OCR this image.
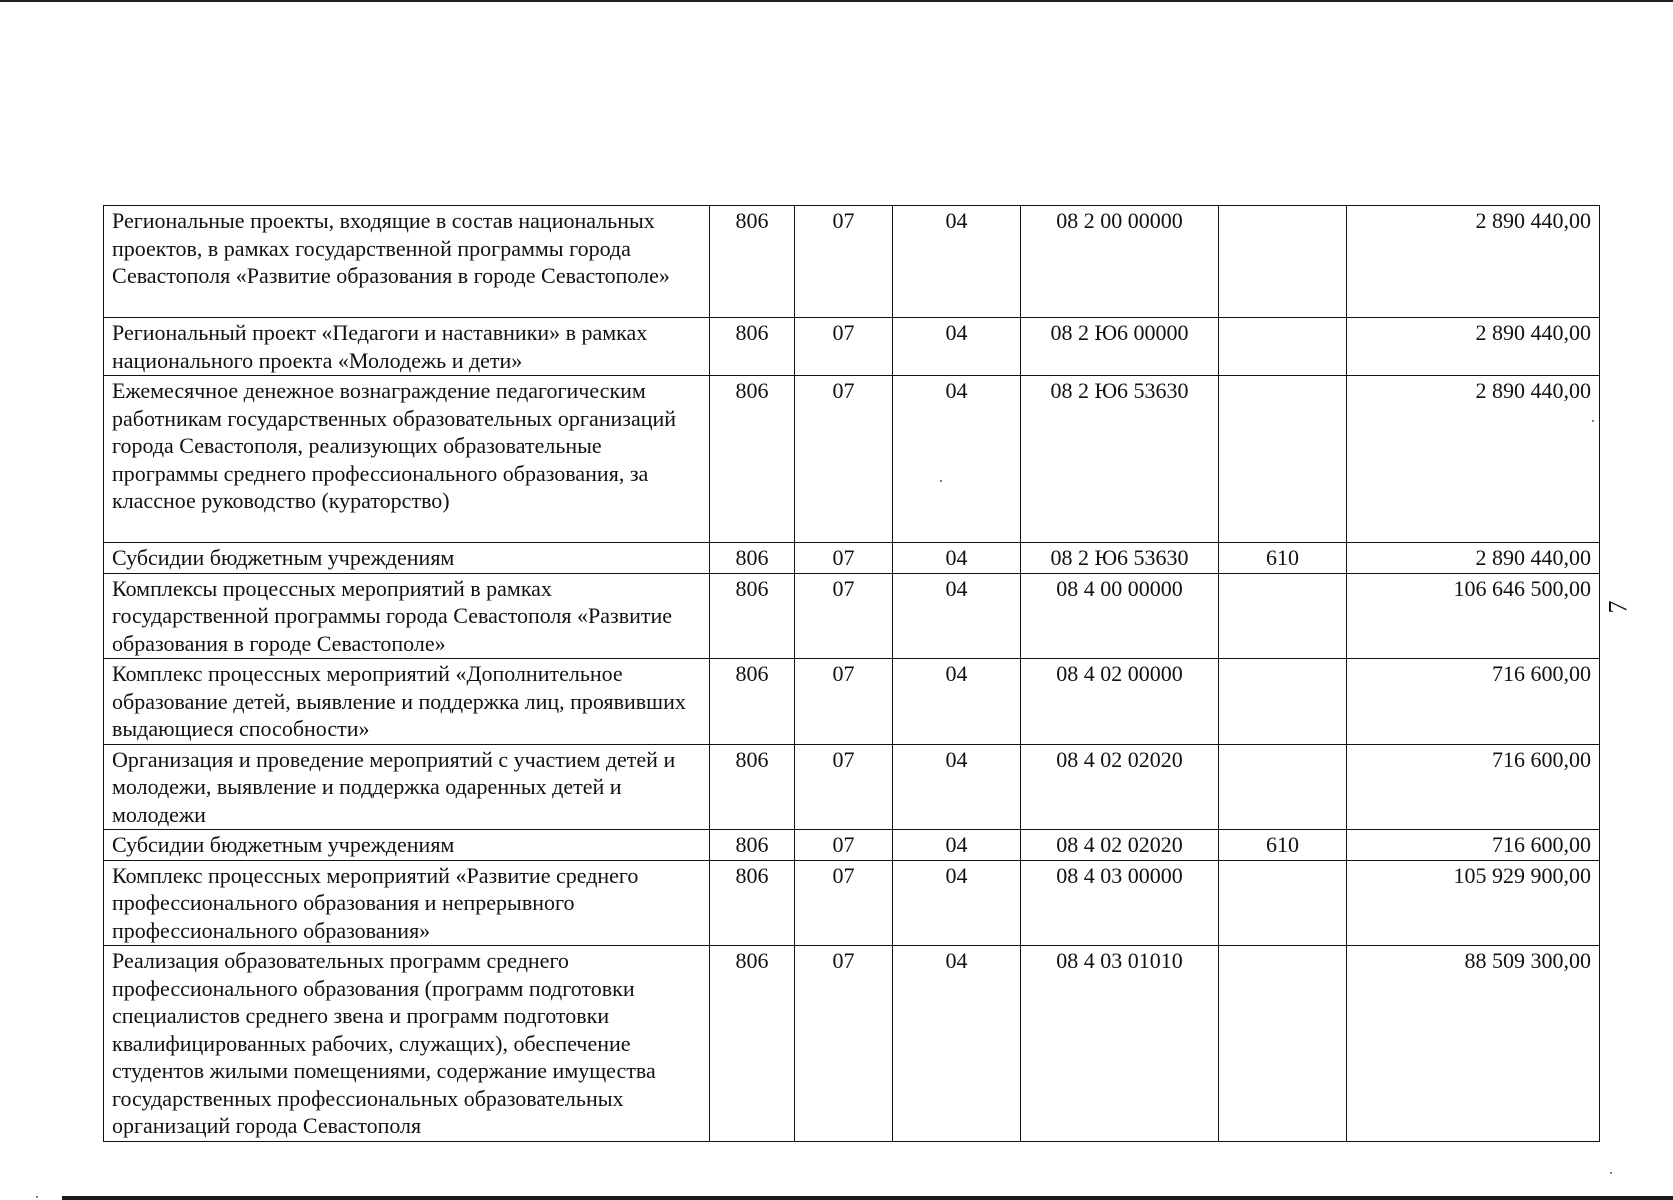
Региональные проекты, входящие в состав национальных проектов, в рамках государственной программы города Севастополя «Развитие образования в городе Севастополе»	806	07	04	08 2 00 00000		2 890 440,00
Региональный проект «Педагоги и наставники» в рамках национального проекта «Молодежь и дети»	806	07	04	08 2 Ю6 00000		2 890 440,00
Ежемесячное денежное вознаграждение педагогическим работникам государственных образовательных организаций города Севастополя, реализующих образовательные программы среднего профессионального образования, за классное руководство (кураторство)	806	07	04	08 2 Ю6 53630		2 890 440,00
Субсидии бюджетным учреждениям	806	07	04	08 2 Ю6 53630	610	2 890 440,00
Комплексы процессных мероприятий в рамках государственной программы города Севастополя «Развитие образования в городе Севастополе»	806	07	04	08 4 00 00000		106 646 500,00
Комплекс процессных мероприятий «Дополнительное образование детей, выявление и поддержка лиц, проявивших выдающиеся способности»	806	07	04	08 4 02 00000		716 600,00
Организация и проведение мероприятий с участием детей и молодежи, выявление и поддержка одаренных детей и молодежи	806	07	04	08 4 02 02020		716 600,00
Субсидии бюджетным учреждениям	806	07	04	08 4 02 02020	610	716 600,00
Комплекс процессных мероприятий «Развитие среднего профессионального образования и непрерывного профессионального образования»	806	07	04	08 4 03 00000		105 929 900,00
Реализация образовательных программ среднего профессионального образования (программ подготовки специалистов среднего звена и программ подготовки квалифицированных рабочих, служащих), обеспечение студентов жилыми помещениями, содержание имущества государственных профессиональных образовательных организаций города Севастополя	806	07	04	08 4 03 01010		88 509 300,00
7
